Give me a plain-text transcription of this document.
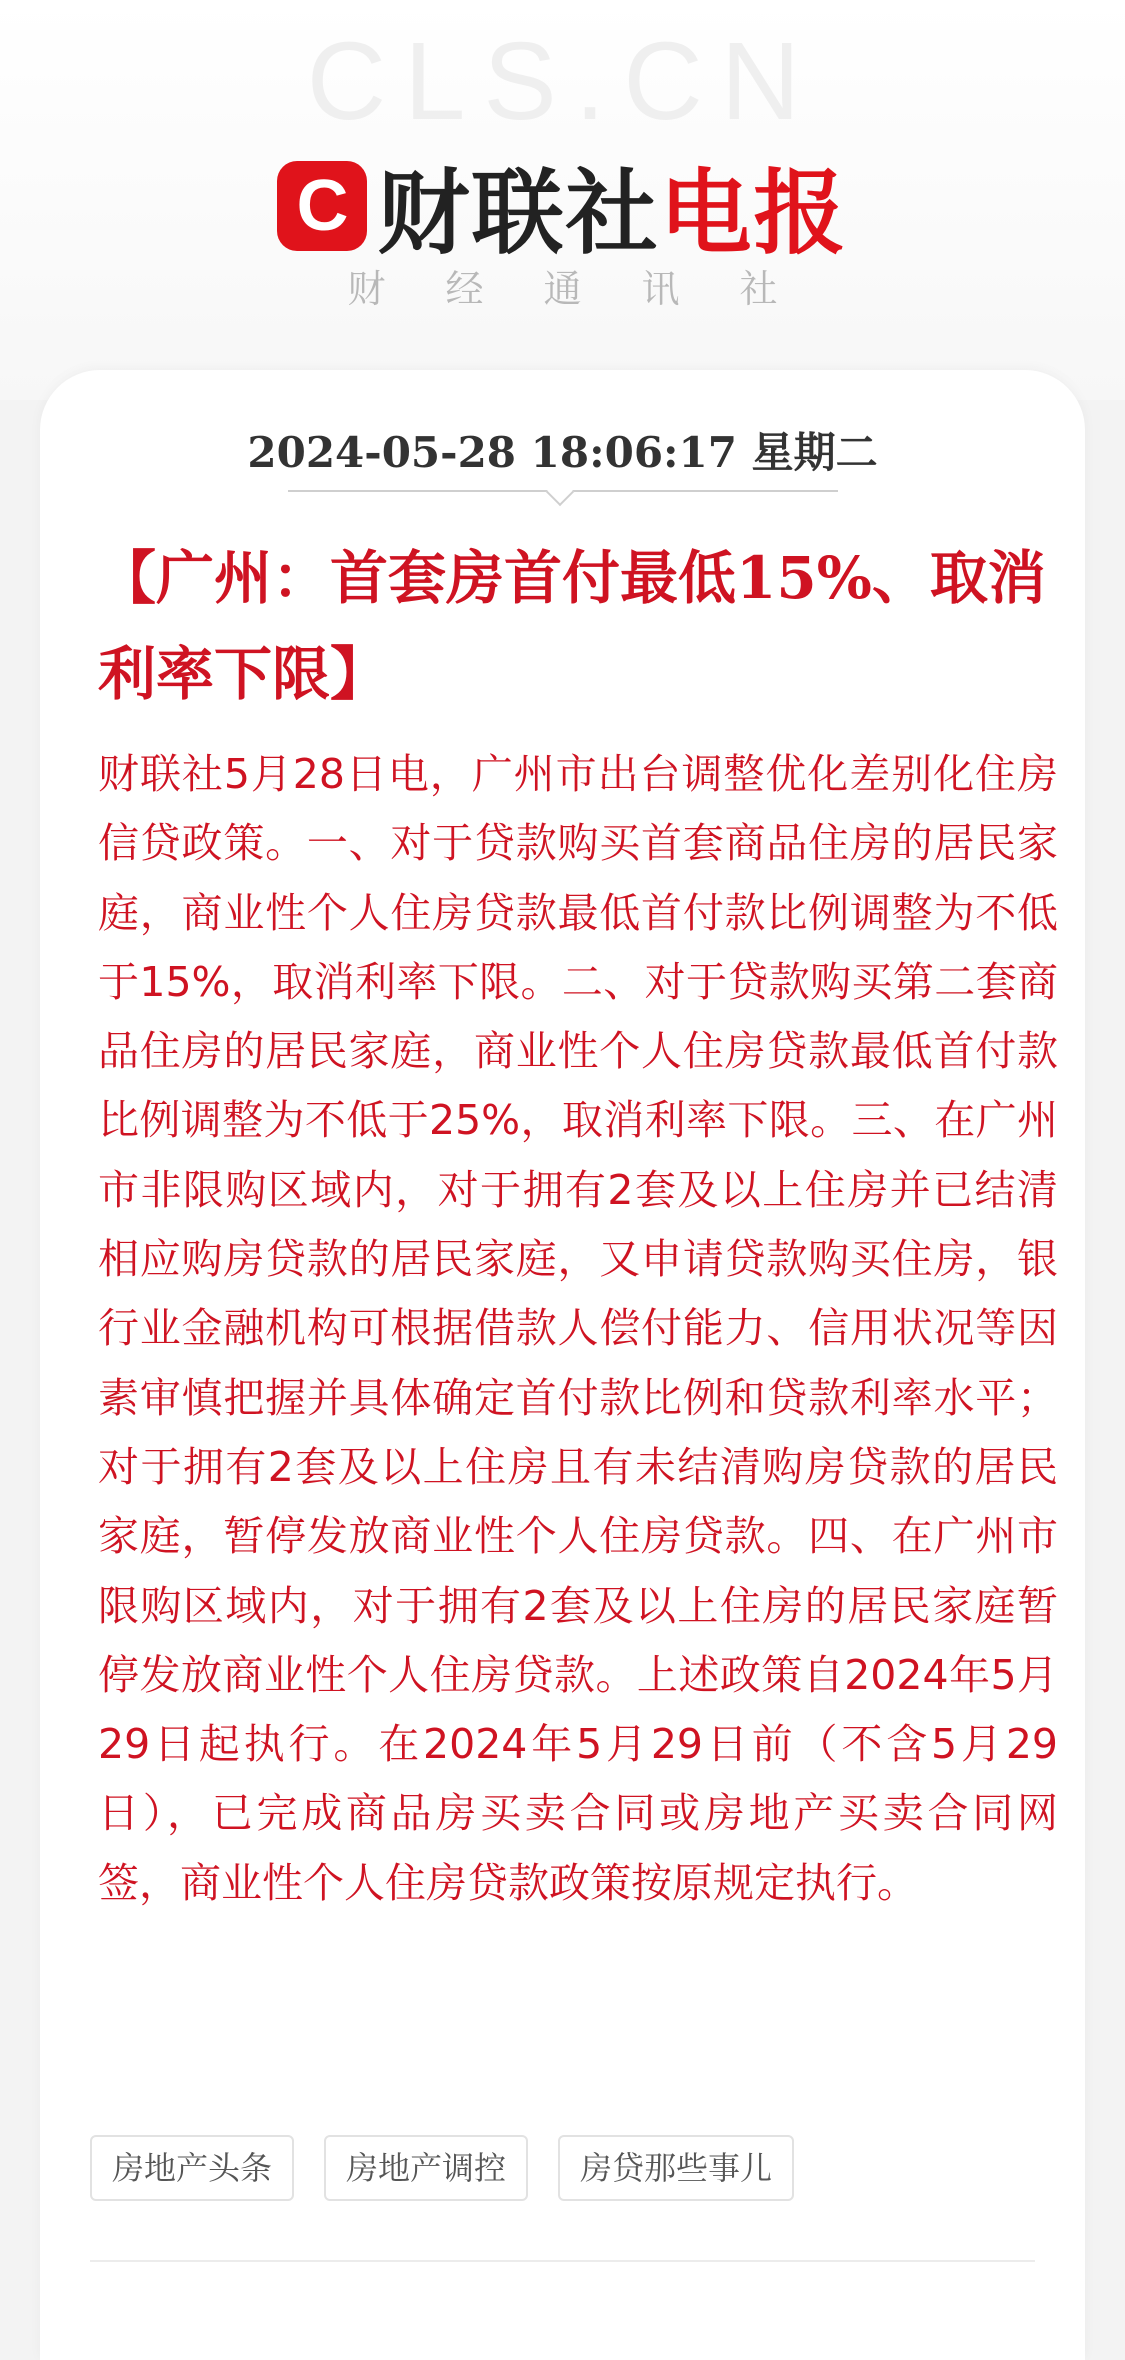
CLS.CN
C 财联社电报
财经通讯社
2024-05-28 18:06:17 星期二
【广州：首套房首付最低15%、取消利率下限】

财联社5月28日电，广州市出台调整优化差别化住房信贷政策。一、对于贷款购买首套商品住房的居民家庭，商业性个人住房贷款最低首付款比例调整为不低于15%，取消利率下限。二、对于贷款购买第二套商品住房的居民家庭，商业性个人住房贷款最低首付款比例调整为不低于25%，取消利率下限。三、在广州市非限购区域内，对于拥有2套及以上住房并已结清相应购房贷款的居民家庭，又申请贷款购买住房，银行业金融机构可根据借款人偿付能力、信用状况等因素审慎把握并具体确定首付款比例和贷款利率水平；对于拥有2套及以上住房且有未结清购房贷款的居民家庭，暂停发放商业性个人住房贷款。四、在广州市限购区域内，对于拥有2套及以上住房的居民家庭暂停发放商业性个人住房贷款。上述政策自2024年5月29日起执行。在2024年5月29日前（不含5月29日），已完成商品房买卖合同或房地产买卖合同网签，商业性个人住房贷款政策按原规定执行。

房地产头条	房地产调控	房贷那些事儿
